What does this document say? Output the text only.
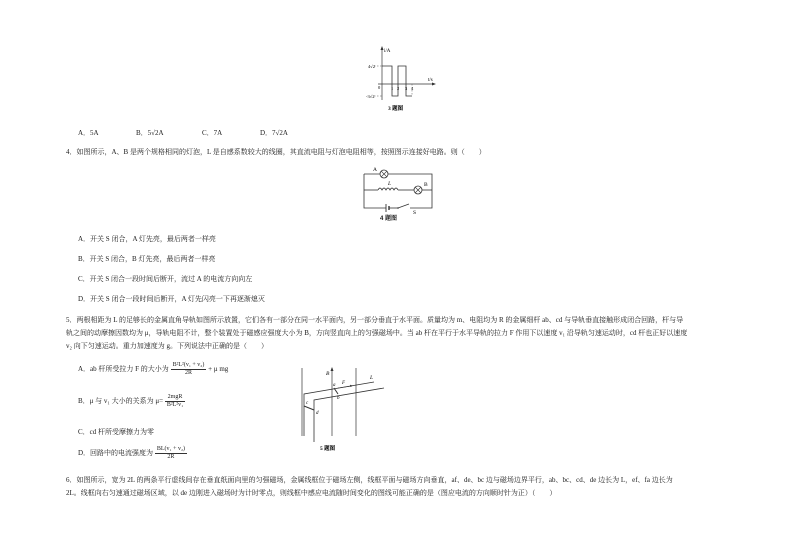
i/A
t/s
4√2
-3√2
0 1 2 3 4
3 题图
A．5A	B．5√2A	C．7A	D．7√2A
4．如图所示，A、B 是两个规格相同的灯泡，L 是自感系数较大的线圈，其直流电阻与灯泡电阻相等，按照图示连接好电路。则（　　）
A
L	B
S
4 题图
A．开关 S 闭合，A 灯先亮，最后两者一样亮
B．开关 S 闭合，B 灯先亮，最后两者一样亮
C．开关 S 闭合一段时间后断开，流过 A 的电流方向向左
D．开关 S 闭合一段时间后断开，A 灯先闪亮一下再逐渐熄灭
5．两根相距为 L 的足够长的金属直角导轨如图所示放置，它们各有一部分在同一水平面内，另一部分垂直于水平面。质量均为 m、电阻均为 R 的金属细杆 ab、cd 与导轨垂直接触形成闭合回路，杆与导
轨之间的动摩擦因数均为 μ，导轨电阻不计，整个装置处于磁感应强度大小为 B，方向竖直向上的匀强磁场中。当 ab 杆在平行于水平导轨的拉力 F 作用下以速度 v₁ 沿导轨匀速运动时，cd 杆也正好以速度
v₂ 向下匀速运动。重力加速度为 g。下列说法中正确的是（　　）
A．ab 杆所受拉力 F 的大小为 $\frac{\text{B²L²(v₁ + v₂)}}{2R} + \mu$ mg
B．μ 与 v₁ 大小的关系为 $\mu= \frac{\text{2mgR}}{\text{B²L²v₁}}$
C．cd 杆所受摩擦力为零
D．回路中的电流强度为 $\frac{\text{BL(v₁ + v₂)}}{2R}$
B
a
b
F
c
d
L
5 题图
6．如图所示，宽为 2L 的两条平行虚线间存在垂直纸面向里的匀强磁场，金属线框位于磁场左侧，线框平面与磁场方向垂直，af、de、bc 边与磁场边界平行，ab、bc、cd、de 边长为 L，ef、fa 边长为
2L。线框向右匀速通过磁场区域，以 de 边刚进入磁场时为计时零点，则线框中感应电流随时间变化的图线可能正确的是（图应电流的方向顺时针为正）（　　）
